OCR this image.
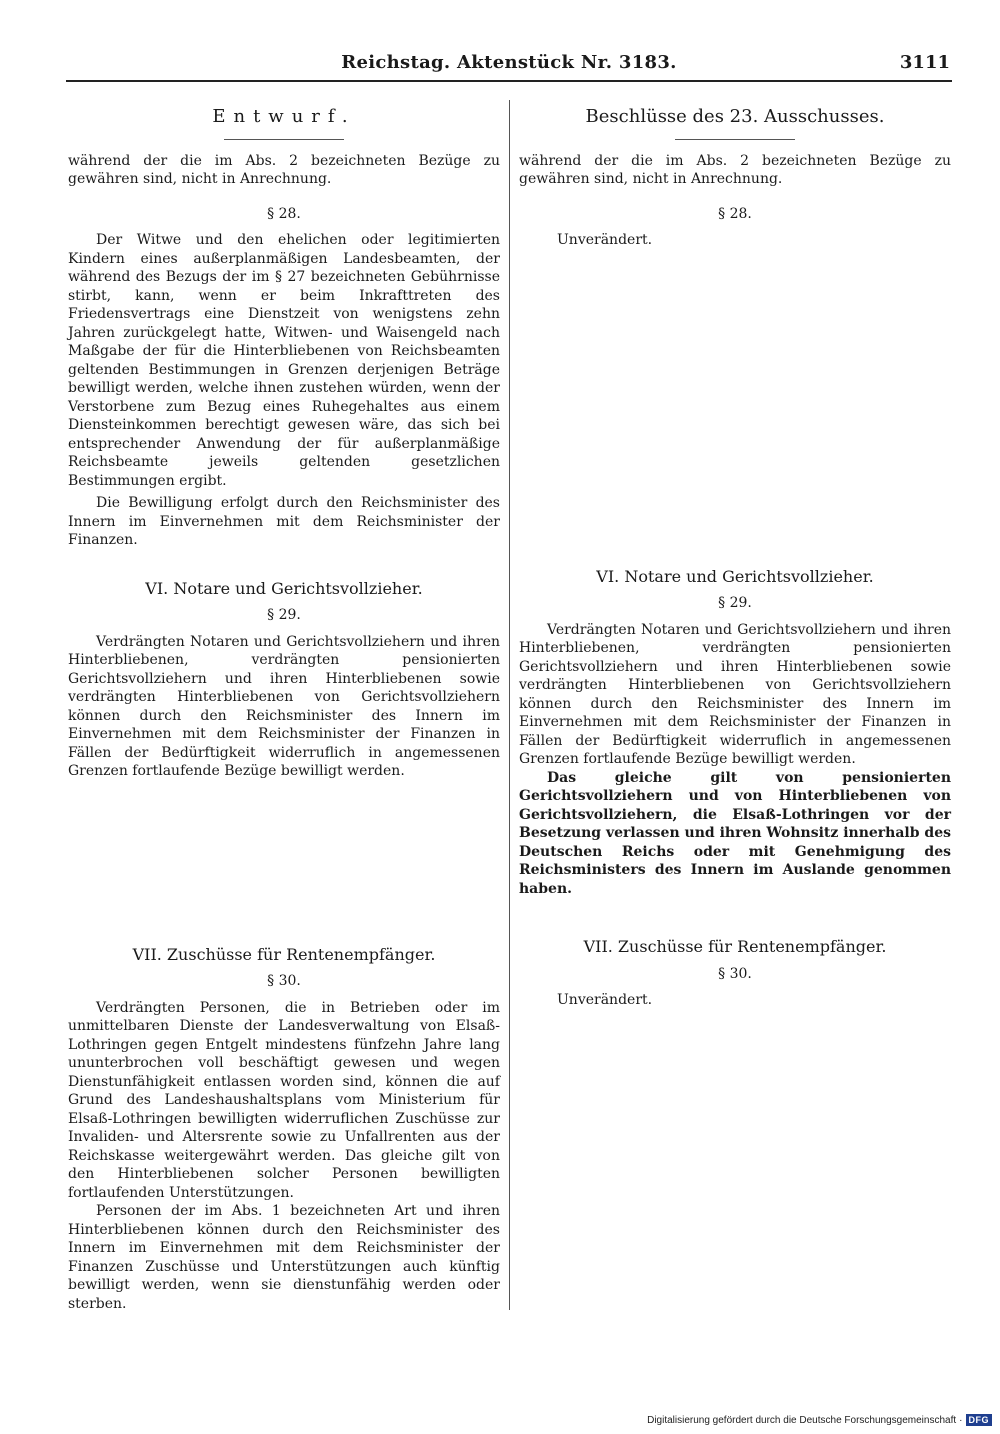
Reichstag. Aktenstück Nr. 3183.	3111
Entwurf.

während der die im Abs. 2 bezeichneten Bezüge zu gewähren sind, nicht in Anrechnung.

§ 28.

Der Witwe und den ehelichen oder legitimierten Kindern eines außerplanmäßigen Landesbeamten, der während des Bezugs der im § 27 bezeichneten Gebührnisse stirbt, kann, wenn er beim Inkrafttreten des Friedensvertrags eine Dienstzeit von wenigstens zehn Jahren zurückgelegt hatte, Witwen- und Waisengeld nach Maßgabe der für die Hinterbliebenen von Reichsbeamten geltenden Bestimmungen in Grenzen derjenigen Beträge bewilligt werden, welche ihnen zustehen würden, wenn der Verstorbene zum Bezug eines Ruhegehaltes aus einem Diensteinkommen berechtigt gewesen wäre, das sich bei entsprechender Anwendung der für außerplanmäßige Reichsbeamte jeweils geltenden gesetzlichen Bestimmungen ergibt.

Die Bewilligung erfolgt durch den Reichsminister des Innern im Einvernehmen mit dem Reichsminister der Finanzen.

VI. Notare und Gerichtsvollzieher.
§ 29.

Verdrängten Notaren und Gerichtsvollziehern und ihren Hinterbliebenen, verdrängten pensionierten Gerichtsvollziehern und ihren Hinterbliebenen sowie verdrängten Hinterbliebenen von Gerichtsvollziehern können durch den Reichsminister des Innern im Einvernehmen mit dem Reichsminister der Finanzen in Fällen der Bedürftigkeit widerruflich in angemessenen Grenzen fortlaufende Bezüge bewilligt werden.

VII. Zuschüsse für Rentenempfänger.
§ 30.

Verdrängten Personen, die in Betrieben oder im unmittelbaren Dienste der Landesverwaltung von Elsaß-Lothringen gegen Entgelt mindestens fünfzehn Jahre lang ununterbrochen voll beschäftigt gewesen und wegen Dienstunfähigkeit entlassen worden sind, können die auf Grund des Landeshaushaltsplans vom Ministerium für Elsaß-Lothringen bewilligten widerruflichen Zuschüsse zur Invaliden- und Altersrente sowie zu Unfallrenten aus der Reichskasse weitergewährt werden. Das gleiche gilt von den Hinterbliebenen solcher Personen bewilligten fortlaufenden Unterstützungen.

Personen der im Abs. 1 bezeichneten Art und ihren Hinterbliebenen können durch den Reichsminister des Innern im Einvernehmen mit dem Reichsminister der Finanzen Zuschüsse und Unterstützungen auch künftig bewilligt werden, wenn sie dienstunfähig werden oder sterben.

Beschlüsse des 23. Ausschusses.

während der die im Abs. 2 bezeichneten Bezüge zu gewähren sind, nicht in Anrechnung.

§ 28.

Unverändert.

VI. Notare und Gerichtsvollzieher.
§ 29.

Verdrängten Notaren und Gerichtsvollziehern und ihren Hinterbliebenen, verdrängten pensionierten Gerichtsvollziehern und ihren Hinterbliebenen sowie verdrängten Hinterbliebenen von Gerichtsvollziehern können durch den Reichsminister des Innern im Einvernehmen mit dem Reichsminister der Finanzen in Fällen der Bedürftigkeit widerruflich in angemessenen Grenzen fortlaufende Bezüge bewilligt werden.

Das gleiche gilt von pensionierten Gerichtsvollziehern und von Hinterbliebenen von Gerichtsvollziehern, die Elsaß-Lothringen vor der Besetzung verlassen und ihren Wohnsitz innerhalb des Deutschen Reichs oder mit Genehmigung des Reichsministers des Innern im Auslande genommen haben.

VII. Zuschüsse für Rentenempfänger.
§ 30.

Unverändert.

Digitalisierung gefördert durch die Deutsche Forschungsgemeinschaft · DFG
